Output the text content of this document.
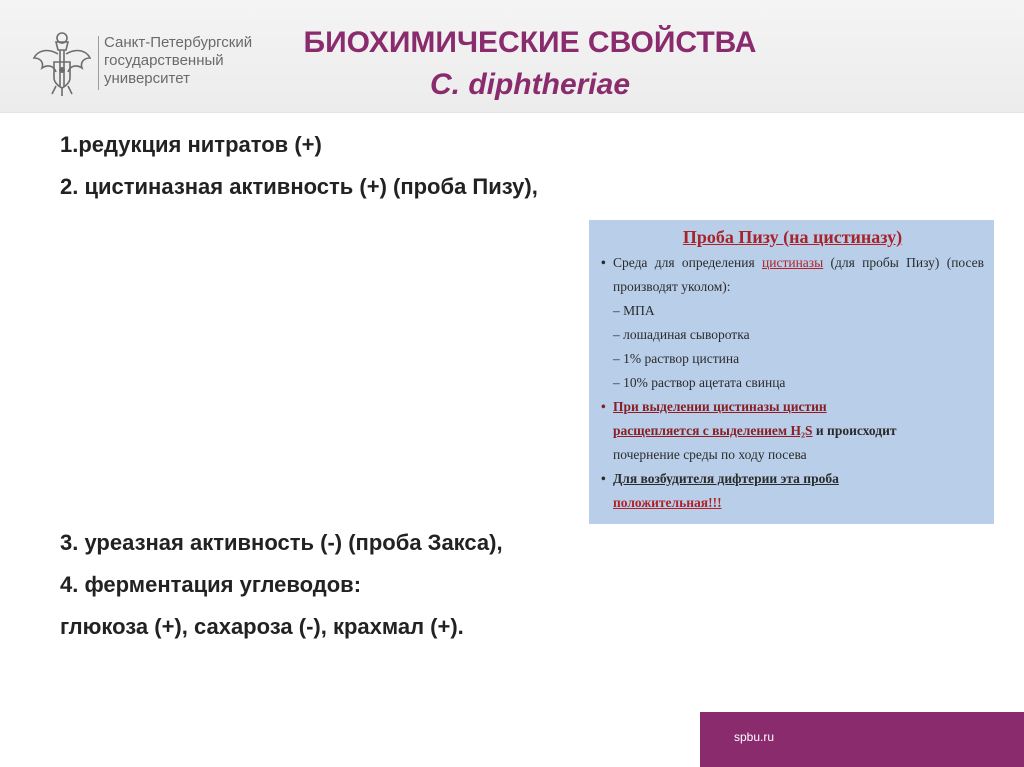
Санкт-Петербургский
государственный
университет
БИОХИМИЧЕСКИЕ СВОЙСТВА
C. diphtheriae
1.редукция нитратов (+)
2. цистиназная активность (+) (проба Пизу),
3. уреазная активность (-) (проба Закса),
4. ферментация углеводов:
глюкоза (+), сахароза (-), крахмал (+).
Проба Пизу (на цистиназу)
• Среда для определения цистиназы (для пробы Пизу) (посев производят уколом):
– МПА
– лошадиная сыворотка
– 1% раствор цистина
– 10% раствор ацетата свинца
• При выделении цистиназы цистин
расщепляется с выделением H₂S и происходит
почернение среды по ходу посева
• Для возбудителя дифтерии эта проба
положительная!!!
spbu.ru
